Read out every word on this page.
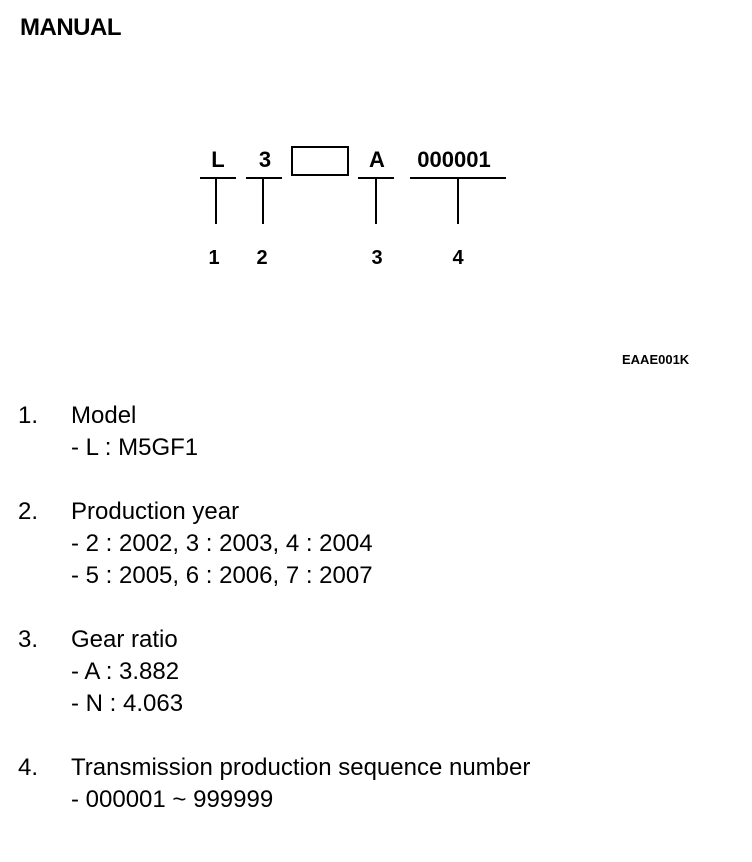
MANUAL
L 3	A 000001
1 2	3	4
EAAE001K
1.	Model
- L : M5GF1
2.	Production year
- 2 : 2002, 3 : 2003, 4 : 2004
- 5 : 2005, 6 : 2006, 7 : 2007
3.	Gear ratio
- A : 3.882
- N : 4.063
4.	Transmission production sequence number
- 000001 ~ 999999
